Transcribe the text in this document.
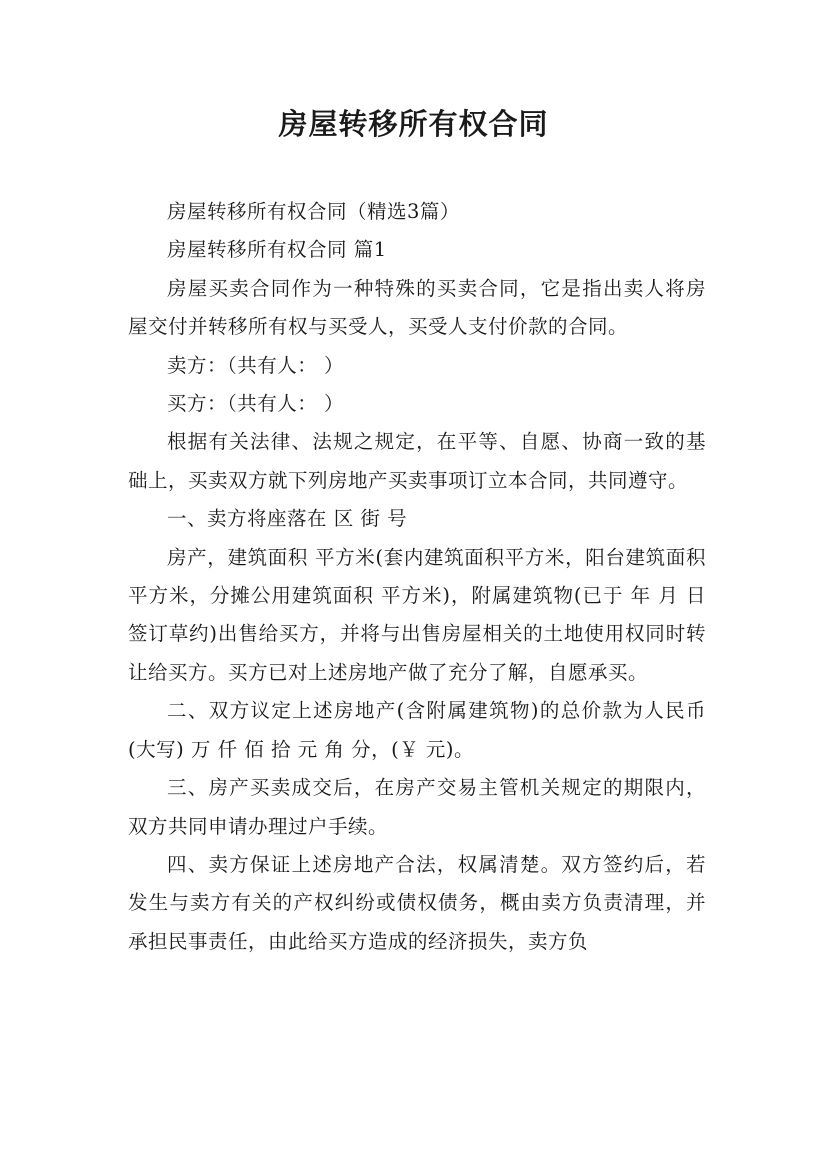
房屋转移所有权合同

房屋转移所有权合同（精选3篇）

房屋转移所有权合同 篇1

房屋买卖合同作为一种特殊的买卖合同，它是指出卖人将房屋交付并转移所有权与买受人，买受人支付价款的合同。

卖方：（共有人： ）

买方：（共有人： ）

根据有关法律、法规之规定，在平等、自愿、协商一致的基础上，买卖双方就下列房地产买卖事项订立本合同，共同遵守。

一、卖方将座落在 区 街 号

房产，建筑面积 平方米(套内建筑面积平方米，阳台建筑面积 平方米，分摊公用建筑面积 平方米)，附属建筑物(已于 年 月 日签订草约)出售给买方，并将与出售房屋相关的土地使用权同时转让给买方。买方已对上述房地产做了充分了解，自愿承买。

二、双方议定上述房地产(含附属建筑物)的总价款为人民币(大写) 万 仟 佰 拾 元 角 分，(￥ 元)。

三、房产买卖成交后，在房产交易主管机关规定的期限内，双方共同申请办理过户手续。

四、卖方保证上述房地产合法，权属清楚。双方签约后，若发生与卖方有关的产权纠纷或债权债务，概由卖方负责清理，并承担民事责任，由此给买方造成的经济损失，卖方负
